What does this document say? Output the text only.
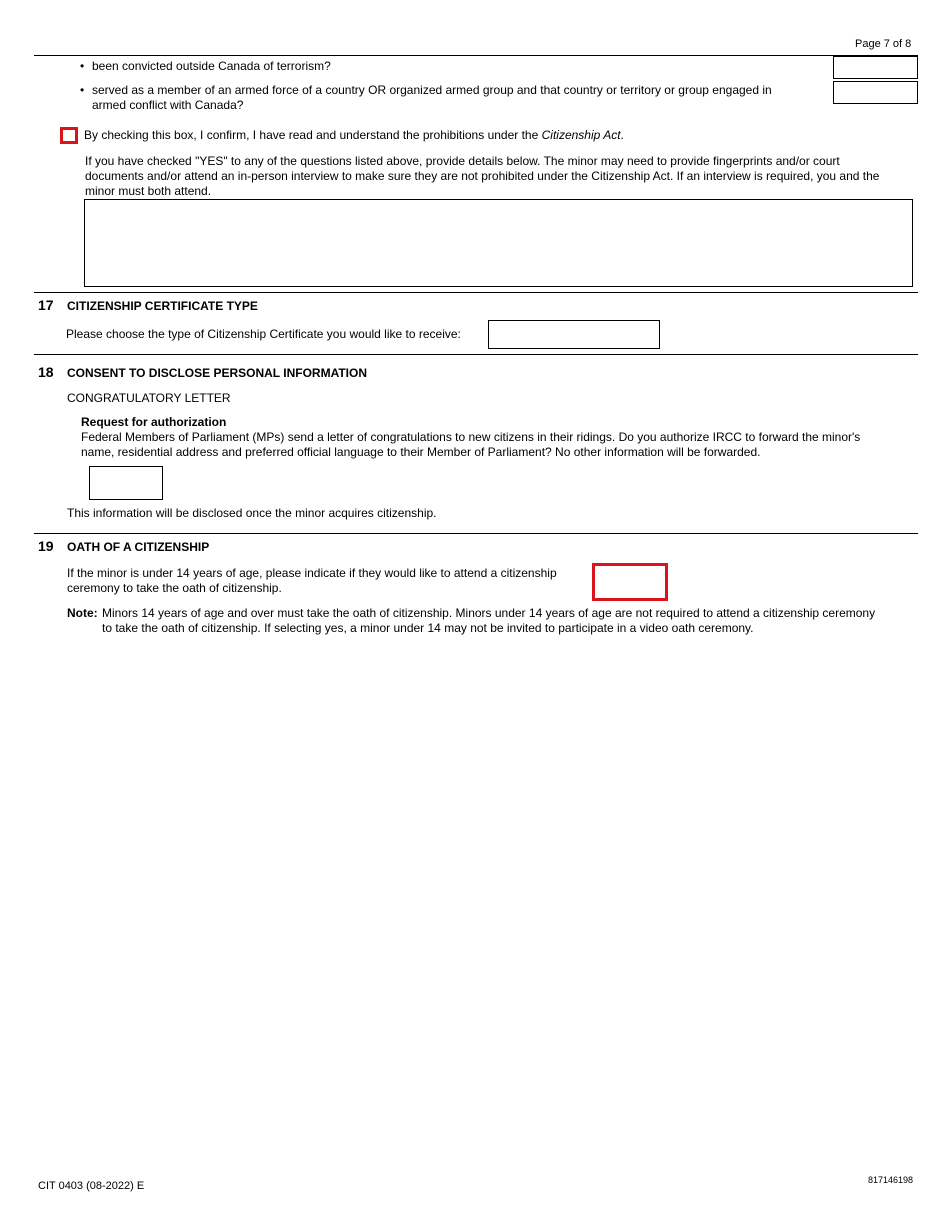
Page 7 of 8
• been convicted outside Canada of terrorism?
• served as a member of an armed force of a country OR organized armed group and that country or territory or group engaged in
armed conflict with Canada?
By checking this box, I confirm, I have read and understand the prohibitions under the Citizenship Act.
If you have checked "YES" to any of the questions listed above, provide details below. The minor may need to provide fingerprints and/or court
documents and/or attend an in-person interview to make sure they are not prohibited under the Citizenship Act. If an interview is required, you and the
minor must both attend.
17 CITIZENSHIP CERTIFICATE TYPE
Please choose the type of Citizenship Certificate you would like to receive:
18 CONSENT TO DISCLOSE PERSONAL INFORMATION
CONGRATULATORY LETTER
Request for authorization
Federal Members of Parliament (MPs) send a letter of congratulations to new citizens in their ridings. Do you authorize IRCC to forward the minor's
name, residential address and preferred official language to their Member of Parliament? No other information will be forwarded.
This information will be disclosed once the minor acquires citizenship.
19 OATH OF A CITIZENSHIP
If the minor is under 14 years of age, please indicate if they would like to attend a citizenship
ceremony to take the oath of citizenship.
Note: Minors 14 years of age and over must take the oath of citizenship. Minors under 14 years of age are not required to attend a citizenship ceremony
to take the oath of citizenship. If selecting yes, a minor under 14 may not be invited to participate in a video oath ceremony.
CIT 0403 (08-2022) E	817146198
